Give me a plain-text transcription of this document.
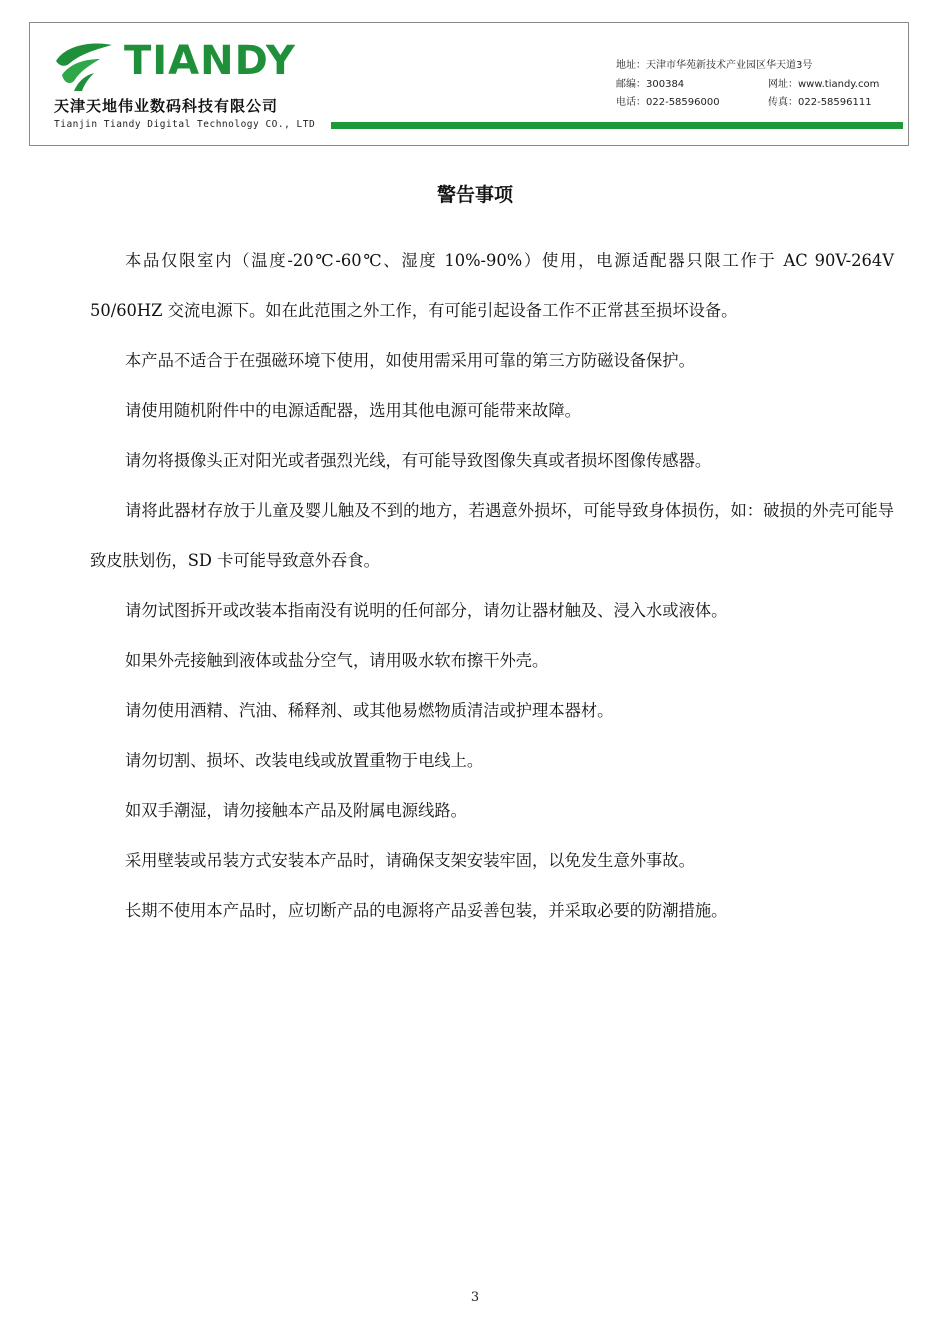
TIANDY
天津天地伟业数码科技有限公司
Tianjin Tiandy Digital Technology CO., LTD
地址：天津市华苑新技术产业园区华天道3号
邮编：300384	网址：www.tiandy.com
电话：022-58596000	传真：022-58596111
警告事项

本品仅限室内（温度-20℃-60℃、湿度 10%-90%）使用，电源适配器只限工作于 AC 90V-264V 50/60HZ 交流电源下。如在此范围之外工作，有可能引起设备工作不正常甚至损坏设备。

本产品不适合于在强磁环境下使用，如使用需采用可靠的第三方防磁设备保护。

请使用随机附件中的电源适配器，选用其他电源可能带来故障。

请勿将摄像头正对阳光或者强烈光线，有可能导致图像失真或者损坏图像传感器。

请将此器材存放于儿童及婴儿触及不到的地方，若遇意外损坏，可能导致身体损伤，如：破损的外壳可能导致皮肤划伤，SD 卡可能导致意外吞食。

请勿试图拆开或改装本指南没有说明的任何部分，请勿让器材触及、浸入水或液体。

如果外壳接触到液体或盐分空气，请用吸水软布擦干外壳。

请勿使用酒精、汽油、稀释剂、或其他易燃物质清洁或护理本器材。

请勿切割、损坏、改装电线或放置重物于电线上。

如双手潮湿，请勿接触本产品及附属电源线路。

采用壁装或吊装方式安装本产品时，请确保支架安装牢固，以免发生意外事故。

长期不使用本产品时，应切断产品的电源将产品妥善包装，并采取必要的防潮措施。

3
